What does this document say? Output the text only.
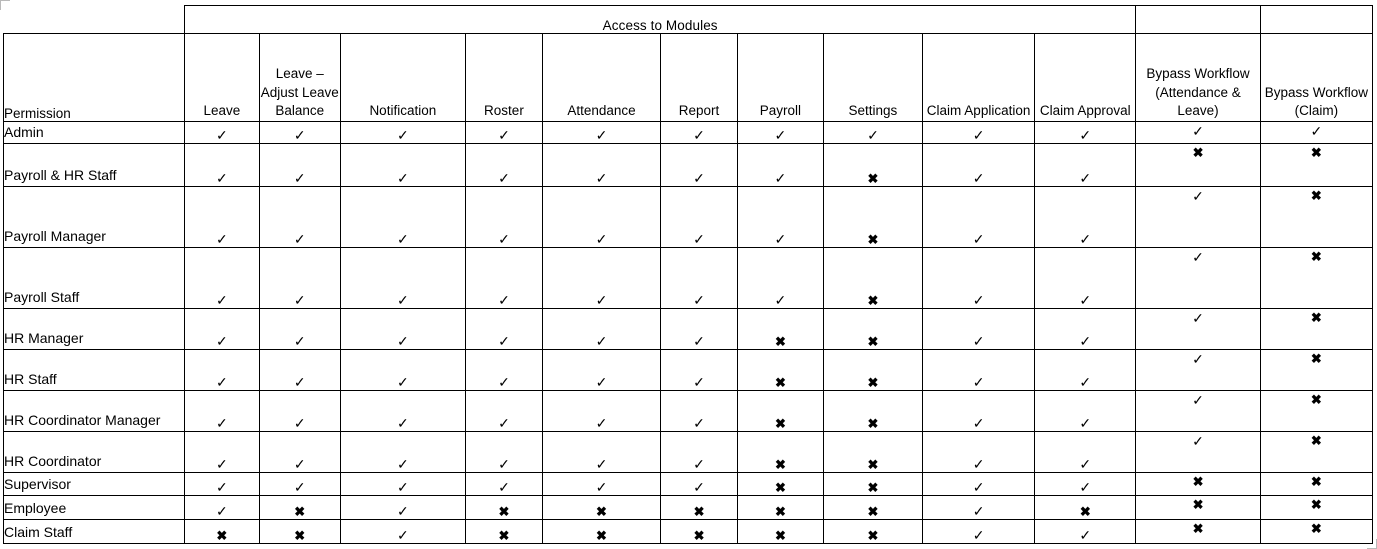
	Access to Modules											
Permission	Leave	Leave – Adjust Leave Balance	Notification	Roster	Attendance	Report	Payroll	Settings	Claim Application	Claim Approval	Bypass Workflow (Attendance & Leave)	Bypass Workflow (Claim)
Admin	✓	✓	✓	✓	✓	✓	✓	✓	✓	✓	✓	✓
Payroll & HR Staff	✓	✓	✓	✓	✓	✓	✓	✖	✓	✓	✖	✖
Payroll Manager	✓	✓	✓	✓	✓	✓	✓	✖	✓	✓	✓	✖
Payroll Staff	✓	✓	✓	✓	✓	✓	✓	✖	✓	✓	✓	✖
HR Manager	✓	✓	✓	✓	✓	✓	✖	✖	✓	✓	✓	✖
HR Staff	✓	✓	✓	✓	✓	✓	✖	✖	✓	✓	✓	✖
HR Coordinator Manager	✓	✓	✓	✓	✓	✓	✖	✖	✓	✓	✓	✖
HR Coordinator	✓	✓	✓	✓	✓	✓	✖	✖	✓	✓	✓	✖
Supervisor	✓	✓	✓	✓	✓	✓	✖	✖	✓	✓	✖	✖
Employee	✓	✖	✓	✖	✖	✖	✖	✖	✓	✖	✖	✖
Claim Staff	✖	✖	✓	✖	✖	✖	✖	✖	✓	✓	✖	✖
